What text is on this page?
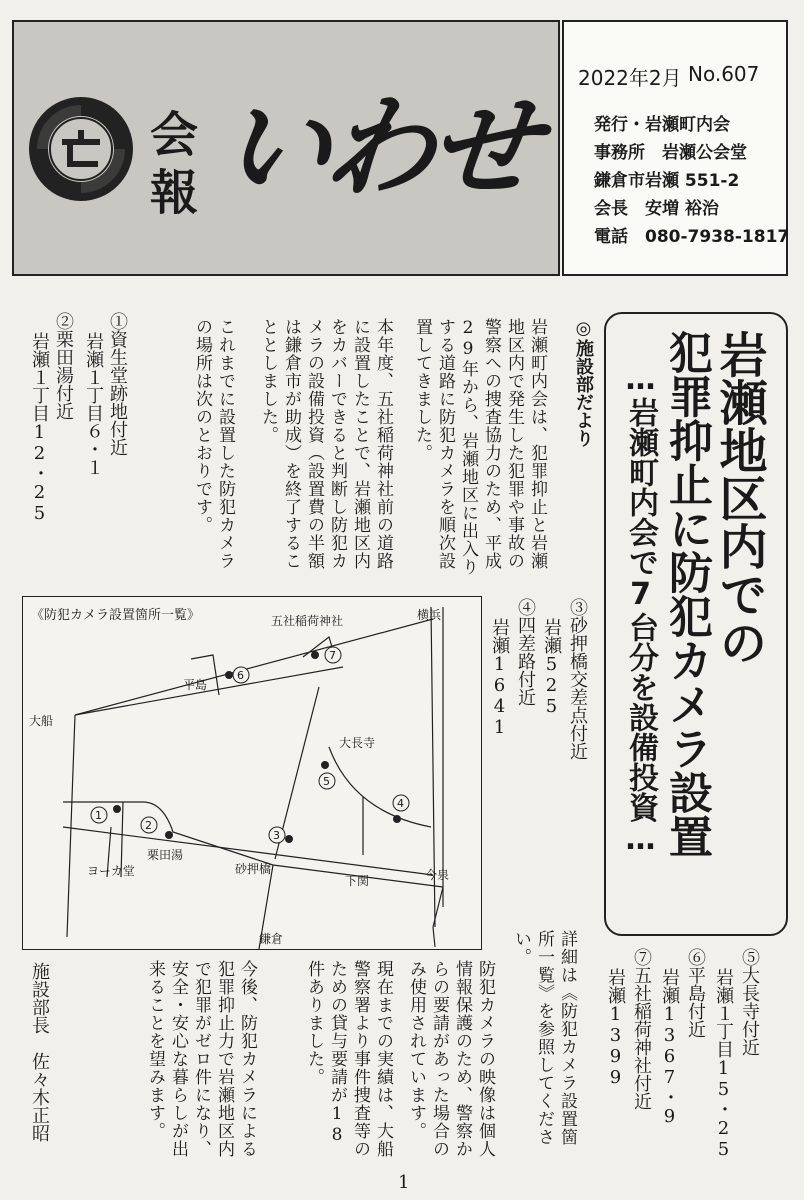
会
報 いわせ
2022年2月 No.607
発行・岩瀬町内会
事務所　岩瀬公会堂
鎌倉市岩瀬 551-2
会長　安増 裕治
電話　080-7938-1817
岩瀬地区内での
犯罪抑止に防犯カメラ設置
…岩瀬町内会で7台分を設備投資…
◎施設部だより
岩瀬町内会は、犯罪抑止と岩瀬地区内で発生した犯罪や事故の警察への捜査協力のため、平成29年から、岩瀬地区に出入りする道路に防犯カメラを順次設置してきました。
本年度、五社稲荷神社前の道路に設置したことで、岩瀬地区内をカバーできると判断し防犯カメラの設備投資（設置費の半額は鎌倉市が助成）を終了することとしました。
これまでに設置した防犯カメラの場所は次のとおりです。
①資生堂跡地付近
岩瀬１丁目６・１
②栗田湯付近
岩瀬１丁目12・25
③砂押橋交差点付近
岩瀬525
④四差路付近
岩瀬1641
《防犯カメラ設置箇所一覧》	五社稲荷神社	横浜
平島
大船
大長寺
栗田湯
ヨーカ堂	砂押橋
下関	今泉
鎌倉
1
2
3
4
5
6
7
⑤大長寺付近
岩瀬１丁目15・25
⑥平島付近
岩瀬1367・9
⑦五社稲荷神社付近
岩瀬1399
詳細は《防犯カメラ設置箇所一覧》を参照してください。
防犯カメラの映像は個人情報保護のため、警察からの要請があった場合のみ使用されています。
現在までの実績は、大船警察署より事件捜査等のための貸与要請が18件ありました。
今後、防犯カメラによる犯罪抑止力で岩瀬地区内で犯罪がゼロ件になり、安全・安心な暮らしが出来ることを望みます。
施設部長　佐々木正昭
1
